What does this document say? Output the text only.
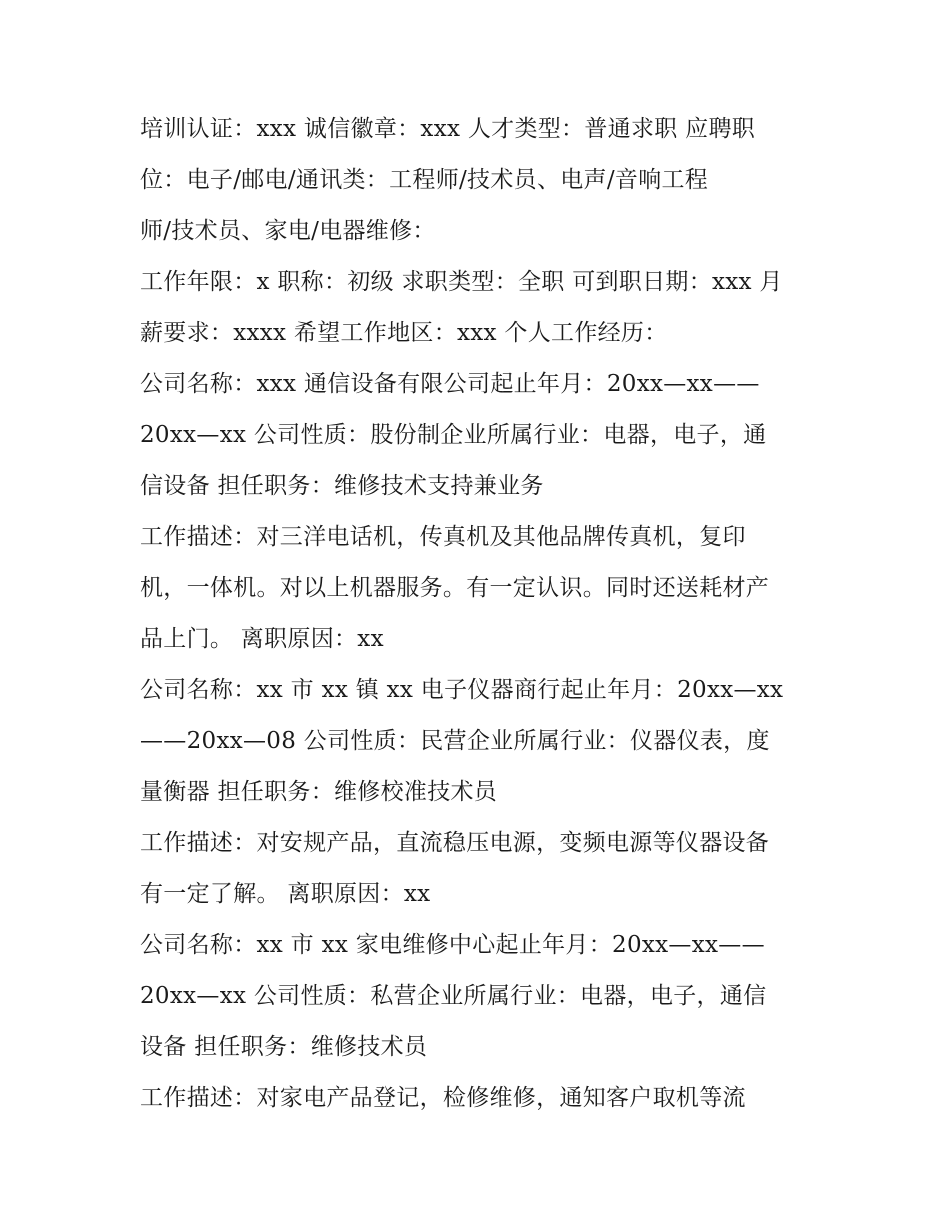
培训认证：xxx 诚信徽章：xxx 人才类型：普通求职 应聘职
位：电子/邮电/通讯类：工程师/技术员、电声/音响工程
师/技术员、家电/电器维修：
工作年限：x 职称：初级 求职类型：全职 可到职日期：xxx 月
薪要求：xxxx 希望工作地区：xxx 个人工作经历：
公司名称：xxx 通信设备有限公司起止年月：20xx—xx——
20xx—xx 公司性质：股份制企业所属行业：电器，电子，通
信设备 担任职务：维修技术支持兼业务
工作描述：对三洋电话机，传真机及其他品牌传真机，复印
机，一体机。对以上机器服务。有一定认识。同时还送耗材产
品上门。 离职原因：xx
公司名称：xx 市 xx 镇 xx 电子仪器商行起止年月：20xx—xx
——20xx—08 公司性质：民营企业所属行业：仪器仪表，度
量衡器 担任职务：维修校准技术员
工作描述：对安规产品，直流稳压电源，变频电源等仪器设备
有一定了解。 离职原因：xx
公司名称：xx 市 xx 家电维修中心起止年月：20xx—xx——
20xx—xx 公司性质：私营企业所属行业：电器，电子，通信
设备 担任职务：维修技术员
工作描述：对家电产品登记，检修维修，通知客户取机等流
